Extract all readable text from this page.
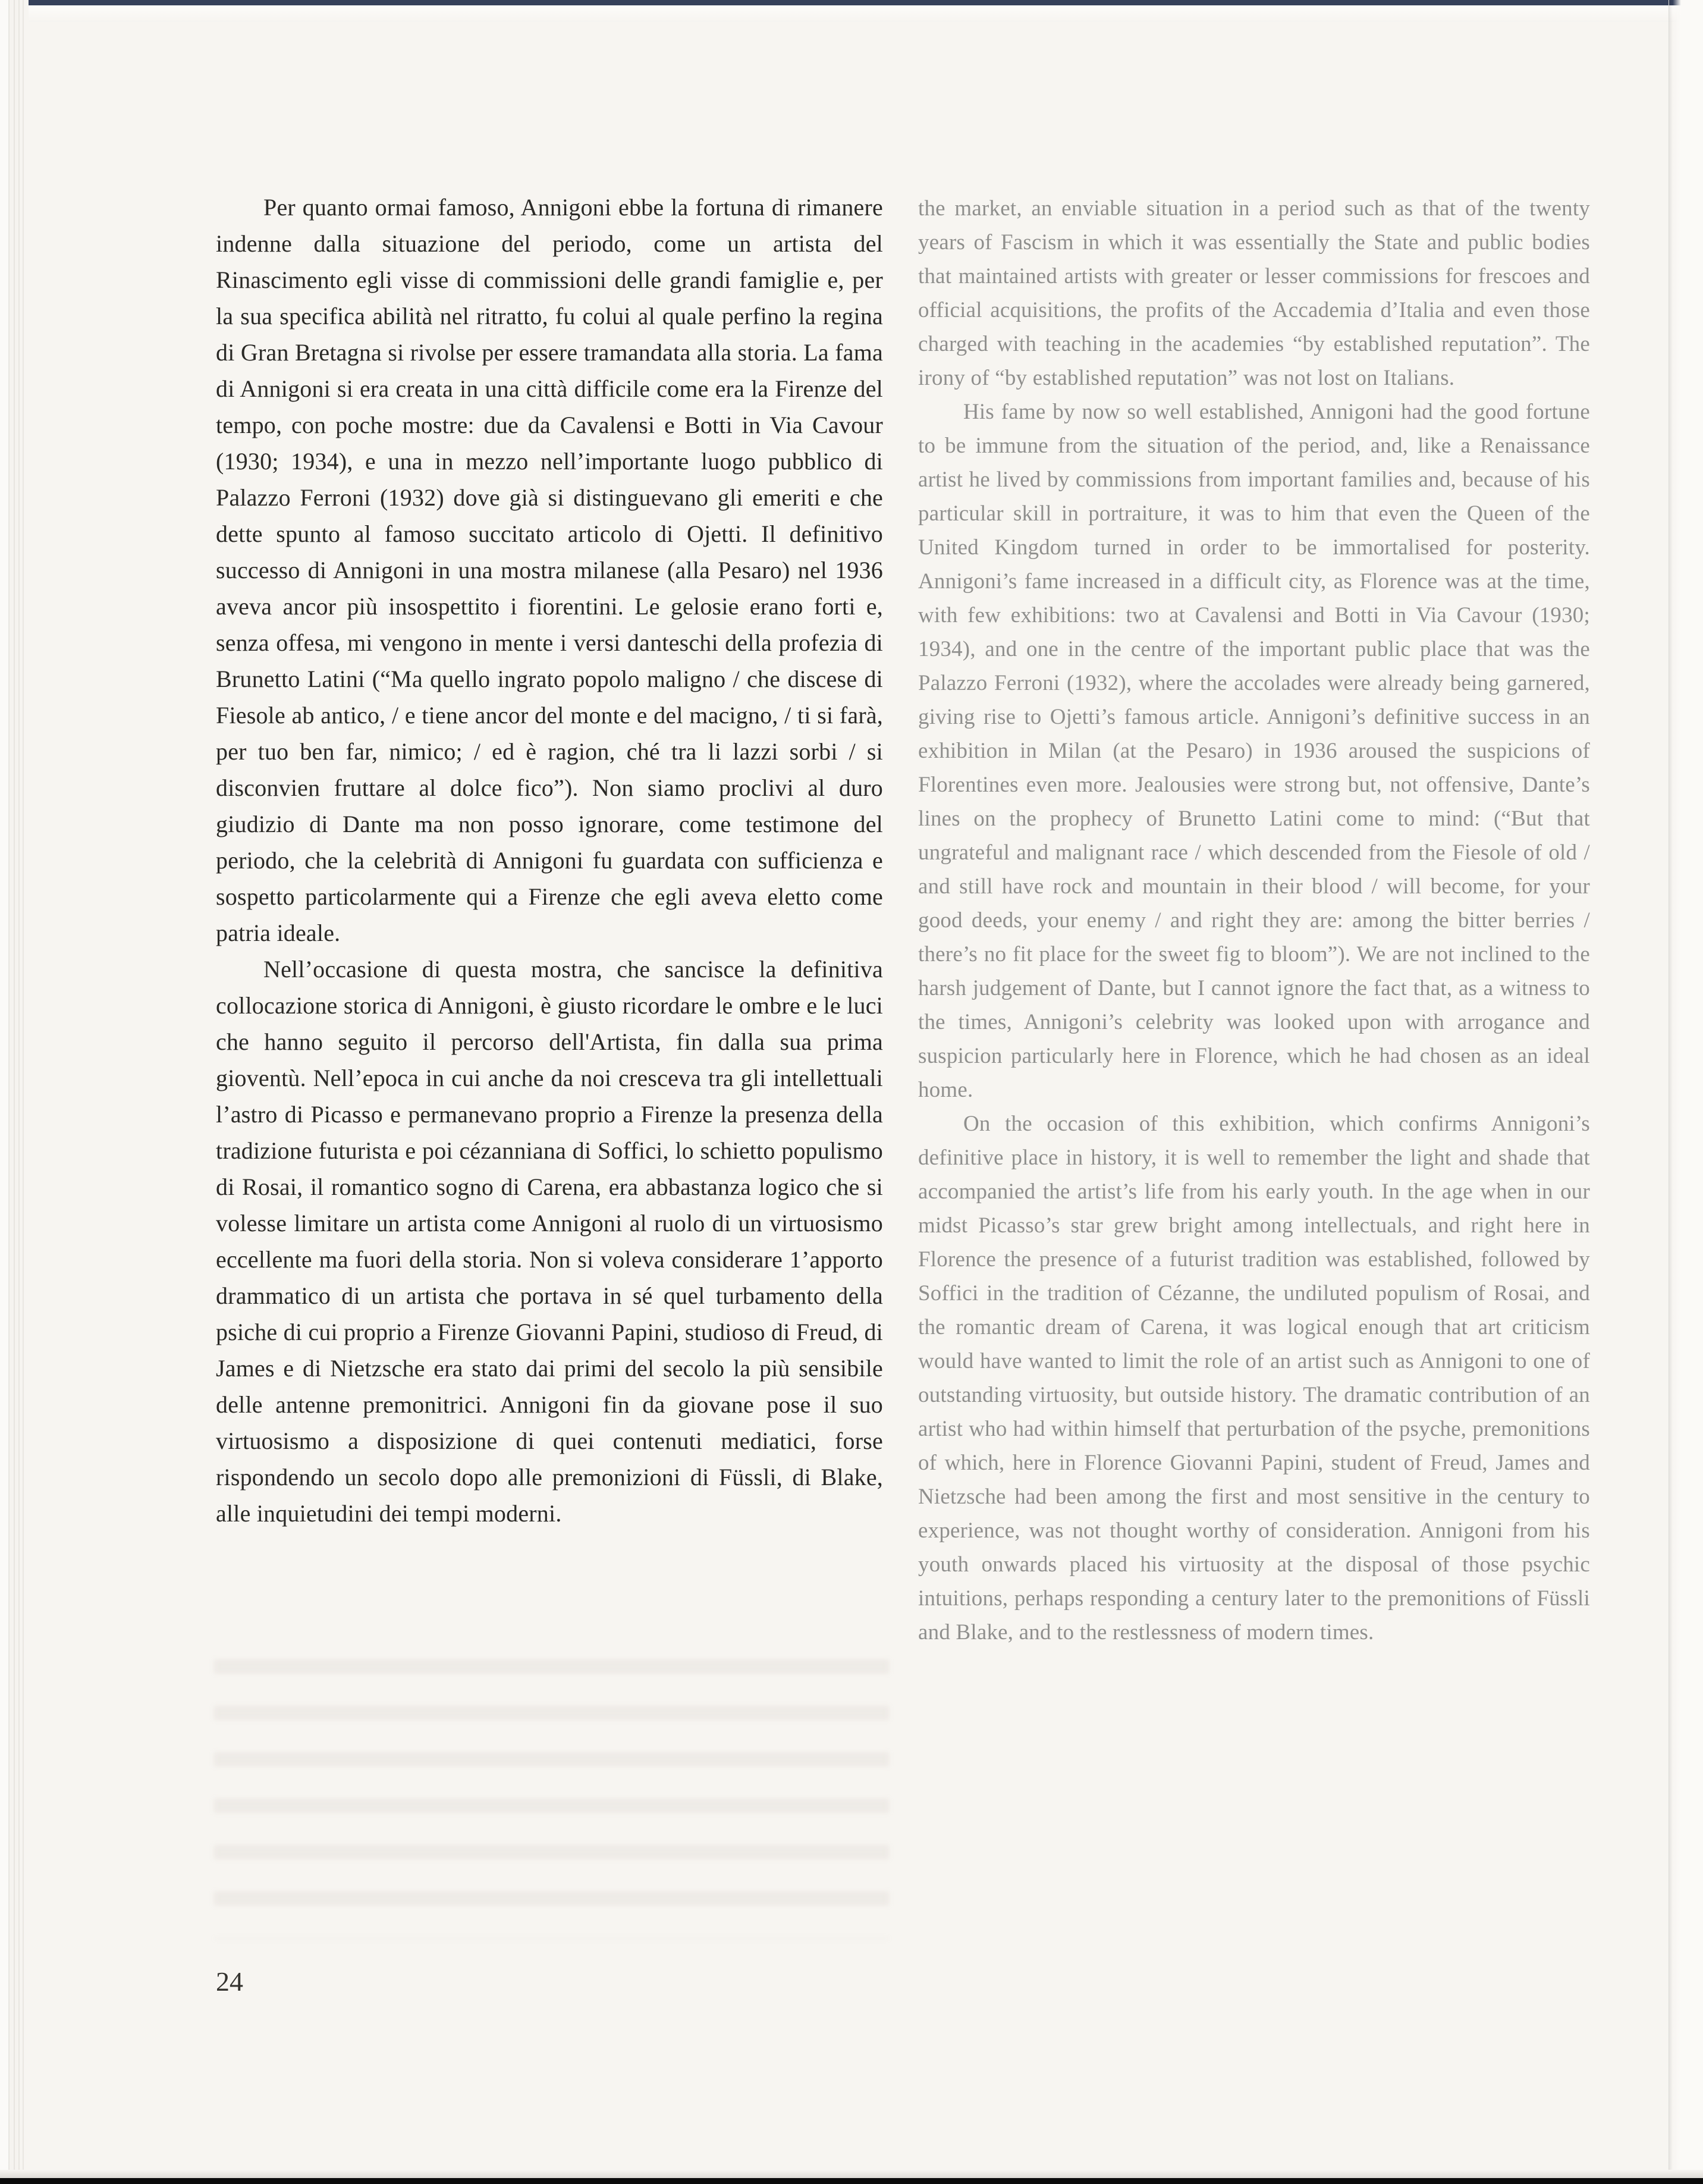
Per quanto ormai famoso, Annigoni ebbe la fortuna di rimanere indenne dalla situazione del periodo, come un artista del Rinascimento egli visse di commissioni delle grandi famiglie e, per la sua specifica abilità nel ritratto, fu colui al quale perfino la regina di Gran Bretagna si rivolse per essere tramandata alla storia. La fama di Annigoni si era creata in una città difficile come era la Firenze del tempo, con poche mostre: due da Cavalensi e Botti in Via Cavour (1930; 1934), e una in mezzo nell’importante luogo pubblico di Palazzo Ferroni (1932) dove già si distinguevano gli emeriti e che dette spunto al famoso succitato articolo di Ojetti. Il definitivo successo di Annigoni in una mostra milanese (alla Pesaro) nel 1936 aveva ancor più insospettito i fiorentini. Le gelosie erano forti e, senza offesa, mi vengono in mente i versi danteschi della profezia di Brunetto Latini (“Ma quello ingrato popolo maligno / che discese di Fiesole ab antico, / e tiene ancor del monte e del macigno, / ti si farà, per tuo ben far, nimico; / ed è ragion, ché tra li lazzi sorbi / si disconvien fruttare al dolce fico”). Non siamo proclivi al duro giudizio di Dante ma non posso ignorare, come testimone del periodo, che la celebrità di Annigoni fu guardata con sufficienza e sospetto particolarmente qui a Firenze che egli aveva eletto come patria ideale.

Nell’occasione di questa mostra, che sancisce la definitiva collocazione storica di Annigoni, è giusto ricordare le ombre e le luci che hanno seguito il percorso dell'Artista, fin dalla sua prima gioventù. Nell’epoca in cui anche da noi cresceva tra gli intellettuali l’astro di Picasso e permanevano proprio a Firenze la presenza della tradizione futurista e poi cézanniana di Soffici, lo schietto populismo di Rosai, il romantico sogno di Carena, era abbastanza logico che si volesse limitare un artista come Annigoni al ruolo di un virtuosismo eccellente ma fuori della storia. Non si voleva considerare 1’apporto drammatico di un artista che portava in sé quel turbamento della psiche di cui proprio a Firenze Giovanni Papini, studioso di Freud, di James e di Nietzsche era stato dai primi del secolo la più sensibile delle antenne premonitrici. Annigoni fin da giovane pose il suo virtuosismo a disposizione di quei contenuti mediatici, forse rispondendo un secolo dopo alle premonizioni di Füssli, di Blake, alle inquietudini dei tempi moderni.

the market, an enviable situation in a period such as that of the twenty years of Fascism in which it was essentially the State and public bodies that maintained artists with greater or lesser commissions for frescoes and official acquisitions, the profits of the Accademia d’Italia and even those charged with teaching in the academies “by established reputation”. The irony of “by established reputation” was not lost on Italians.

His fame by now so well established, Annigoni had the good fortune to be immune from the situation of the period, and, like a Renaissance artist he lived by commissions from important families and, because of his particular skill in portraiture, it was to him that even the Queen of the United Kingdom turned in order to be immortalised for posterity. Annigoni’s fame increased in a difficult city, as Florence was at the time, with few exhibitions: two at Cavalensi and Botti in Via Cavour (1930; 1934), and one in the centre of the important public place that was the Palazzo Ferroni (1932), where the accolades were already being garnered, giving rise to Ojetti’s famous article. Annigoni’s definitive success in an exhibition in Milan (at the Pesaro) in 1936 aroused the suspicions of Florentines even more. Jealousies were strong but, not offensive, Dante’s lines on the prophecy of Brunetto Latini come to mind: (“But that ungrateful and malignant race / which descended from the Fiesole of old / and still have rock and mountain in their blood / will become, for your good deeds, your enemy / and right they are: among the bitter berries / there’s no fit place for the sweet fig to bloom”). We are not inclined to the harsh judgement of Dante, but I cannot ignore the fact that, as a witness to the times, Annigoni’s celebrity was looked upon with arrogance and suspicion particularly here in Florence, which he had chosen as an ideal home.

On the occasion of this exhibition, which confirms Annigoni’s definitive place in history, it is well to remember the light and shade that accompanied the artist’s life from his early youth. In the age when in our midst Picasso’s star grew bright among intellectuals, and right here in Florence the presence of a futurist tradition was established, followed by Soffici in the tradition of Cézanne, the undiluted populism of Rosai, and the romantic dream of Carena, it was logical enough that art criticism would have wanted to limit the role of an artist such as Annigoni to one of outstanding virtuosity, but outside history. The dramatic contribution of an artist who had within himself that perturbation of the psyche, premonitions of which, here in Florence Giovanni Papini, student of Freud, James and Nietzsche had been among the first and most sensitive in the century to experience, was not thought worthy of consideration. Annigoni from his youth onwards placed his virtuosity at the disposal of those psychic intuitions, perhaps responding a century later to the premonitions of Füssli and Blake, and to the restlessness of modern times.

24
